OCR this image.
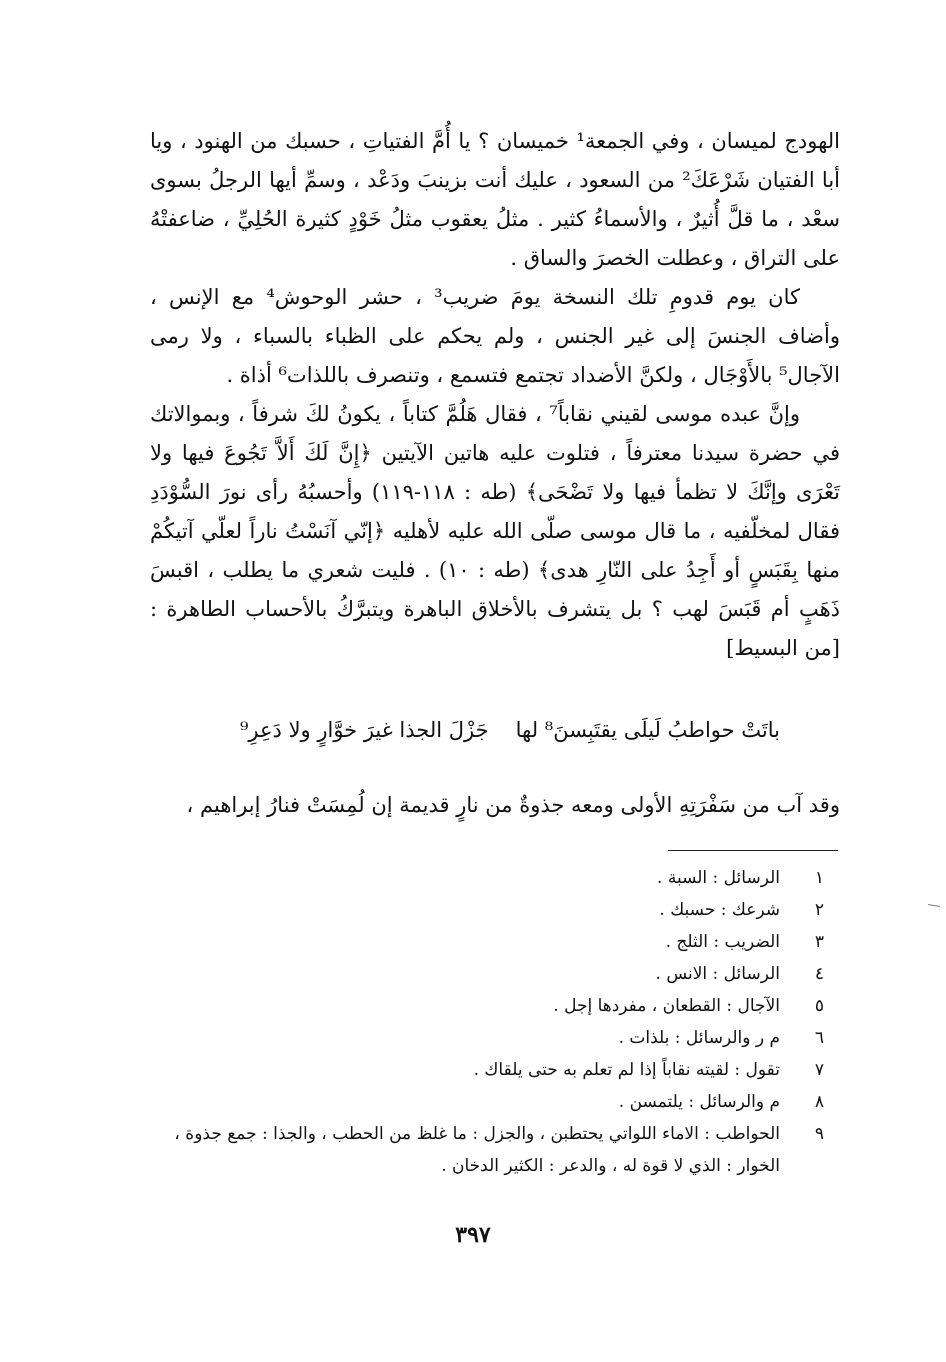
الهودج لميسان ، وفي الجمعة¹ خميسان ؟ يا أُمَّ الفتياتِ ، حسبك من الهنود ، ويا أبا الفتيان شَرْعَكَ² من السعود ، عليك أنت بزينبَ ودَعْد ، وسمِّ أيها الرجلُ بسوى سعْد ، ما قلَّ أُثيرٌ ، والأسماءُ كثير . مثلُ يعقوب مثلُ خَوْدٍ كثيرة الحُلِيِّ ، ضاعفتْهُ على التراق ، وعطلت الخصرَ والساق .

كان يوم قدومِ تلك النسخة يومَ ضريب³ ، حشر الوحوش⁴ مع الإنس ، وأضاف الجنسَ إلى غير الجنس ، ولم يحكم على الظباء بالسباء ، ولا رمى الآجال⁵ بالأَوْجَال ، ولكنَّ الأضداد تجتمع فتسمع ، وتنصرف باللذات⁶ أذاة .

وإنَّ عبده موسى لقيني نقاباً⁷ ، فقال هَلُمَّ كتاباً ، يكونُ لكَ شرفاً ، وبموالاتك في حضرة سيدنا معترفاً ، فتلوت عليه هاتين الآيتين ﴿إِنَّ لَكَ أَلاَّ تَجُوعَ فيها ولا تَعْرَى وإنَّكَ لا تظمأ فيها ولا تَضْحَى﴾ (طه : ١١٨-١١٩) وأحسبُهُ رأى نورَ السُّوْدَدِ فقال لمخلّفيه ، ما قال موسى صلّى الله عليه لأهليه ﴿إنّي آنَسْتُ ناراً لعلّي آتيكُمْ منها بِقَبَسٍ أو أَجِدُ على النّارِ هدى﴾ (طه : ١٠) . فليت شعري ما يطلب ، اقبسَ ذَهَبٍ أم قَبَسَ لهب ؟ بل يتشرف بالأخلاق الباهرة ويتبرَّكُ بالأحساب الطاهرة : [من البسيط]

باتَتْ حواطبُ لَيلَى يقتَبِسنَ⁸ لها
جَزْلَ الجذا غيرَ خوَّارٍ ولا دَعِرِ⁹
وقد آب من سَفْرَتِهِ الأولى ومعه جذوةٌ من نارٍ قديمة إن لُمِسَتْ فنارُ إبراهيم ،
١
الرسائل : السبة .
٢
شرعك : حسبك .
٣
الضريب : الثلج .
٤
الرسائل : الانس .
٥
الآجال : القطعان ، مفردها إجل .
٦
م ر والرسائل : بلذات .
٧
تقول : لقيته نقاباً إذا لم تعلم به حتى يلقاك .
٨
م والرسائل : يلتمسن .
٩
الحواطب : الاماء اللواتي يحتطبن ، والجزل : ما غلظ من الحطب ، والجذا : جمع جذوة ، الخوار : الذي لا قوة له ، والدعر : الكثير الدخان .
٣٩٧
